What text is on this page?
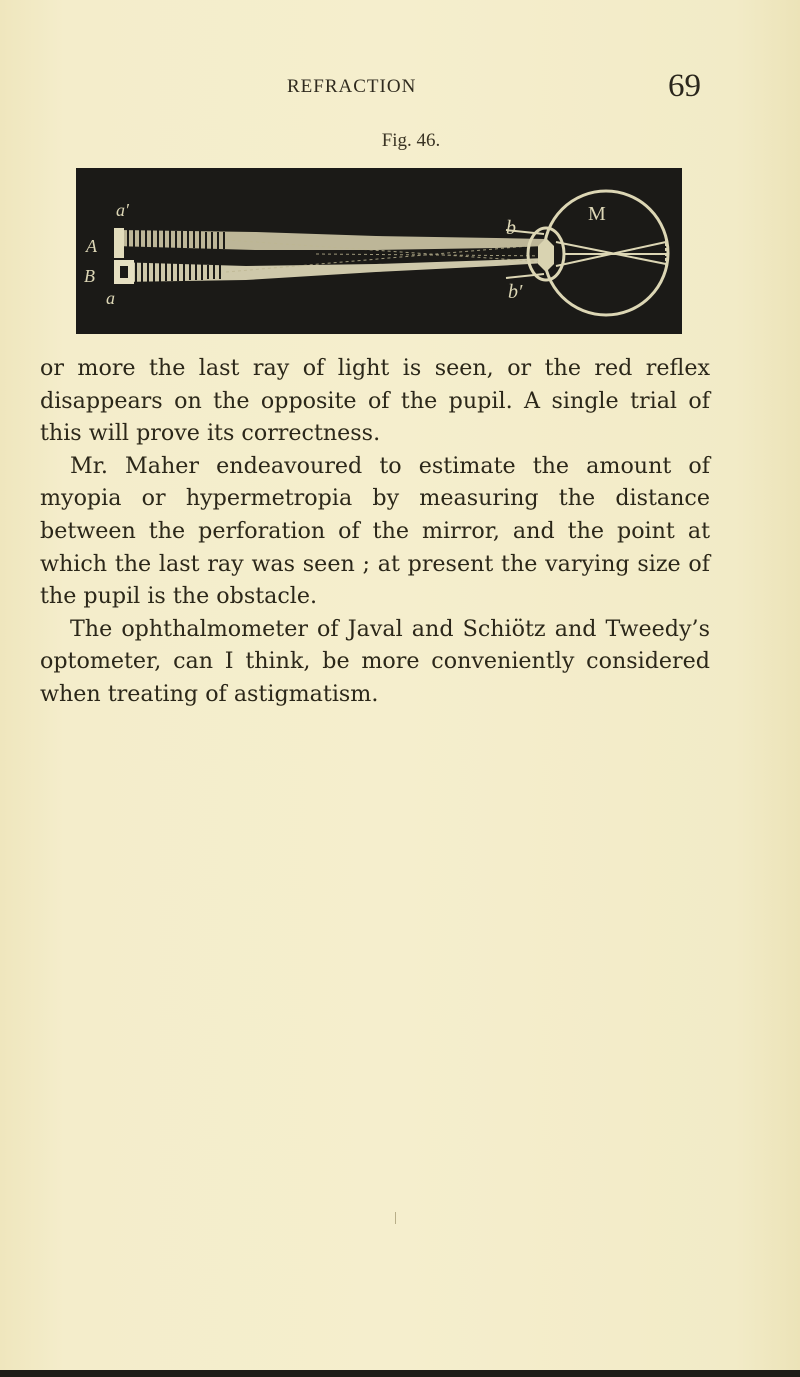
REFRACTION	69
Fig. 46.
a′
A
B
a
b
b′
M

or more the last ray of light is seen, or the red reflex disappears on the opposite of the pupil. A single trial of this will prove its correctness.

Mr. Maher endeavoured to estimate the amount of myopia or hypermetropia by measuring the distance between the perforation of the mirror, and the point at which the last ray was seen ; at present the varying size of the pupil is the obstacle.

The ophthalmometer of Javal and Schiötz and Tweedy’s optometer, can I think, be more conveniently considered when treating of astigmatism.
